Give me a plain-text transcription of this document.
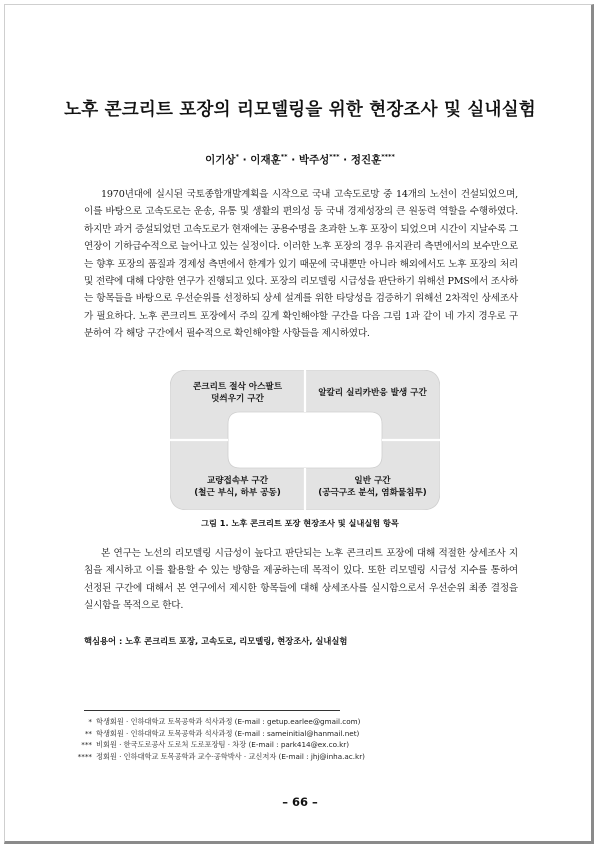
노후 콘크리트 포장의 리모델링을 위한 현장조사 및 실내실험
이기상* · 이재훈** · 박주성*** · 정진훈****

1970년대에 실시된 국토종합개발계획을 시작으로 국내 고속도로망 중 14개의 노선이 건설되었으며, 이를 바탕으로 고속도로는 운송, 유통 및 생활의 편의성 등 국내 경제성장의 큰 원동력 역할을 수행하였다. 하지만 과거 증설되었던 고속도로가 현재에는 공용수명을 초과한 노후 포장이 되었으며 시간이 지날수록 그 연장이 기하급수적으로 늘어나고 있는 실정이다. 이러한 노후 포장의 경우 유지관리 측면에서의 보수만으로는 향후 포장의 품질과 경제성 측면에서 한계가 있기 때문에 국내뿐만 아니라 해외에서도 노후 포장의 처리 및 전략에 대해 다양한 연구가 진행되고 있다. 포장의 리모델링 시급성을 판단하기 위해선 PMS에서 조사하는 항목들을 바탕으로 우선순위를 선정하되 상세 설계를 위한 타당성을 검증하기 위해선 2차적인 상세조사가 필요하다. 노후 콘크리트 포장에서 주의 깊게 확인해야할 구간을 다음 그림 1과 같이 네 가지 경우로 구분하여 각 해당 구간에서 필수적으로 확인해야할 사항들을 제시하였다.

콘크리트 절삭 아스팔트
덧씌우기 구간
알칼리 실리카반응 발생 구간
교량접속부 구간
(철근 부식, 하부 공동)
일반 구간
(공극구조 분석, 염화물침투)
그림 1. 노후 콘크리트 포장 현장조사 및 실내실험 항목

본 연구는 노선의 리모델링 시급성이 높다고 판단되는 노후 콘크리트 포장에 대해 적절한 상세조사 지침을 제시하고 이를 활용할 수 있는 방향을 제공하는데 목적이 있다. 또한 리모델링 시급성 지수를 통하여 선정된 구간에 대해서 본 연구에서 제시한 항목들에 대해 상세조사를 실시함으로서 우선순위 최종 결정을 실시함을 목적으로 한다.

핵심용어 : 노후 콘크리트 포장, 고속도로, 리모델링, 현장조사, 실내실험
* 학생회원 · 인하대학교 토목공학과 석사과정 (E-mail : getup.earlee@gmail.com)
** 학생회원 · 인하대학교 토목공학과 석사과정 (E-mail : sameinitial@hanmail.net)
*** 비회원 · 한국도로공사 도로처 도로포장팀 · 차장 (E-mail : park414@ex.co.kr)
**** 정회원 · 인하대학교 토목공학과 교수·공학박사 · 교신저자 (E-mail : jhj@inha.ac.kr)
– 66 –
